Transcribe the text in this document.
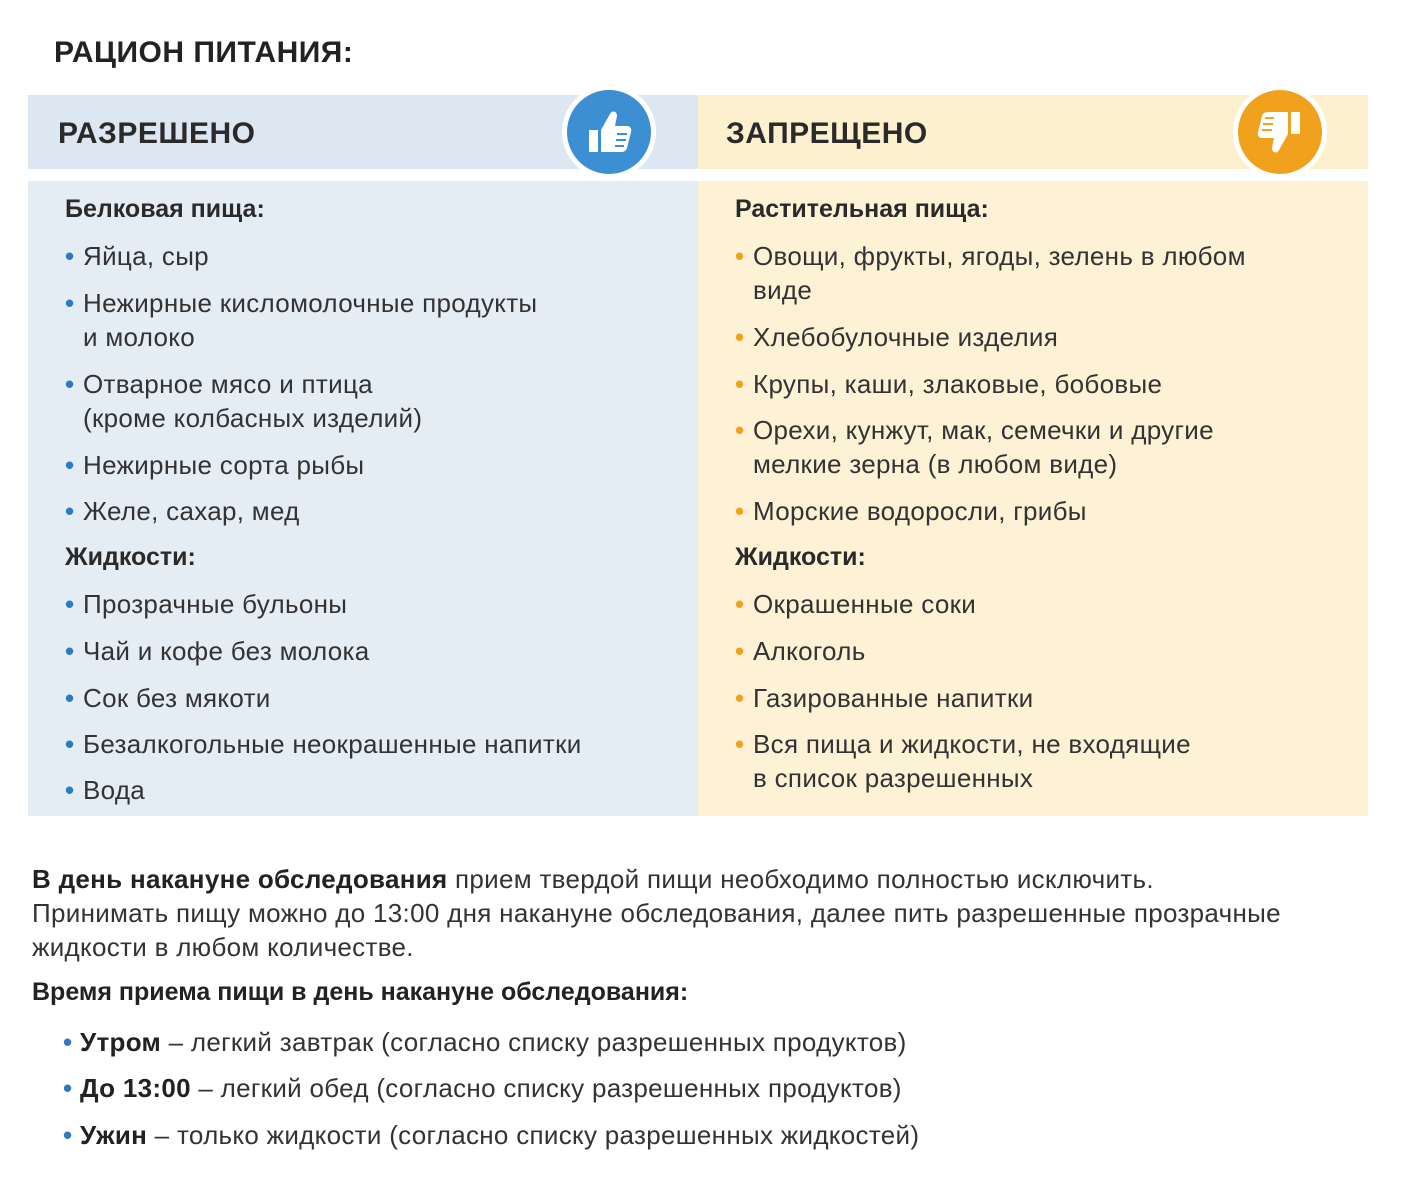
РАЦИОН ПИТАНИЯ:
РАЗРЕШЕНО	ЗАПРЕЩЕНО
Белковая пища:
• Яйца, сыр
• Нежирные кисломолочные продукты
и молоко
• Отварное мясо и птица
(кроме колбасных изделий)
• Нежирные сорта рыбы
• Желе, сахар, мед
Жидкости:
• Прозрачные бульоны
• Чай и кофе без молока
• Сок без мякоти
• Безалкогольные неокрашенные напитки
• Вода
Растительная пища:
• Овощи, фрукты, ягоды, зелень в любом
виде
• Хлебобулочные изделия
• Крупы, каши, злаковые, бобовые
• Орехи, кунжут, мак, семечки и другие
мелкие зерна (в любом виде)
• Морские водоросли, грибы
Жидкости:
• Окрашенные соки
• Алкоголь
• Газированные напитки
• Вся пища и жидкости, не входящие
в список разрешенных
В день накануне обследования прием твердой пищи необходимо полностью исключить.
Принимать пищу можно до 13:00 дня накануне обследования, далее пить разрешенные прозрачные жидкости в любом количестве.
Время приема пищи в день накануне обследования:
• Утром – легкий завтрак (согласно списку разрешенных продуктов)
• До 13:00 – легкий обед (согласно списку разрешенных продуктов)
• Ужин – только жидкости (согласно списку разрешенных жидкостей)
